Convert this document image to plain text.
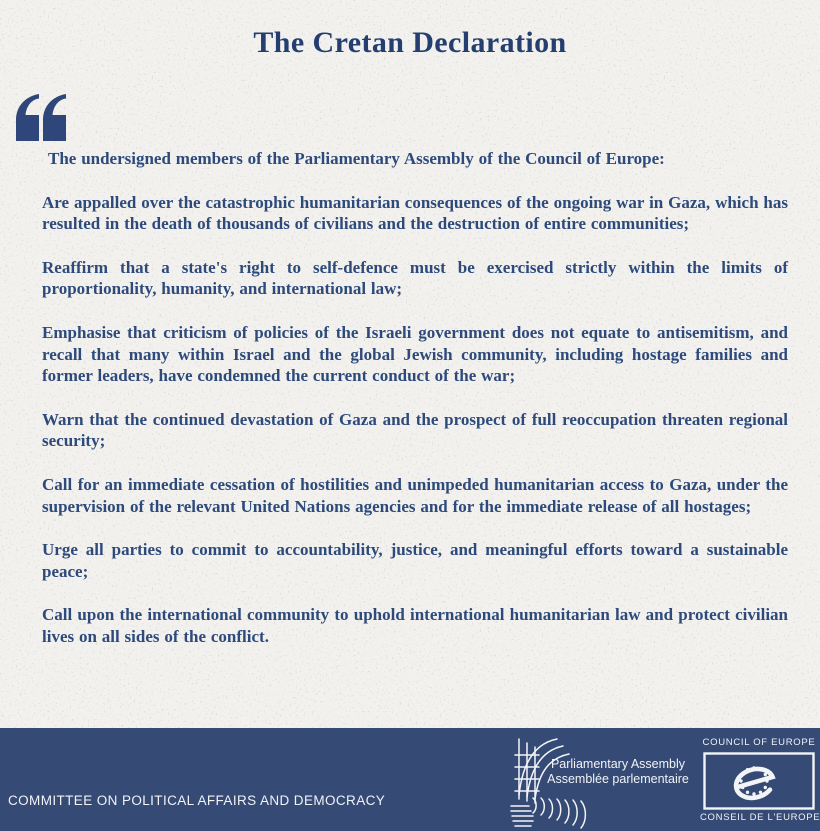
The Cretan Declaration

The undersigned members of the Parliamentary Assembly of the Council of Europe:

Are appalled over the catastrophic humanitarian consequences of the ongoing war in Gaza, which has resulted in the death of thousands of civilians and the destruction of entire communities;

Reaffirm that a state's right to self-defence must be exercised strictly within the limits of proportionality, humanity, and international law;

Emphasise that criticism of policies of the Israeli government does not equate to antisemitism, and recall that many within Israel and the global Jewish community, including hostage families and former leaders, have condemned the current conduct of the war;

Warn that the continued devastation of Gaza and the prospect of full reoccupation threaten regional security;

Call for an immediate cessation of hostilities and unimpeded humanitarian access to Gaza, under the supervision of the relevant United Nations agencies and for the immediate release of all hostages;

Urge all parties to commit to accountability, justice, and meaningful efforts toward a sustainable peace;

Call upon the international community to uphold international humanitarian law and protect civilian lives on all sides of the conflict.

COMMITTEE ON POLITICAL AFFAIRS AND DEMOCRACY
Parliamentary Assembly
Assemblée parlementaire
COUNCIL OF EUROPE
CONSEIL DE L'EUROPE
